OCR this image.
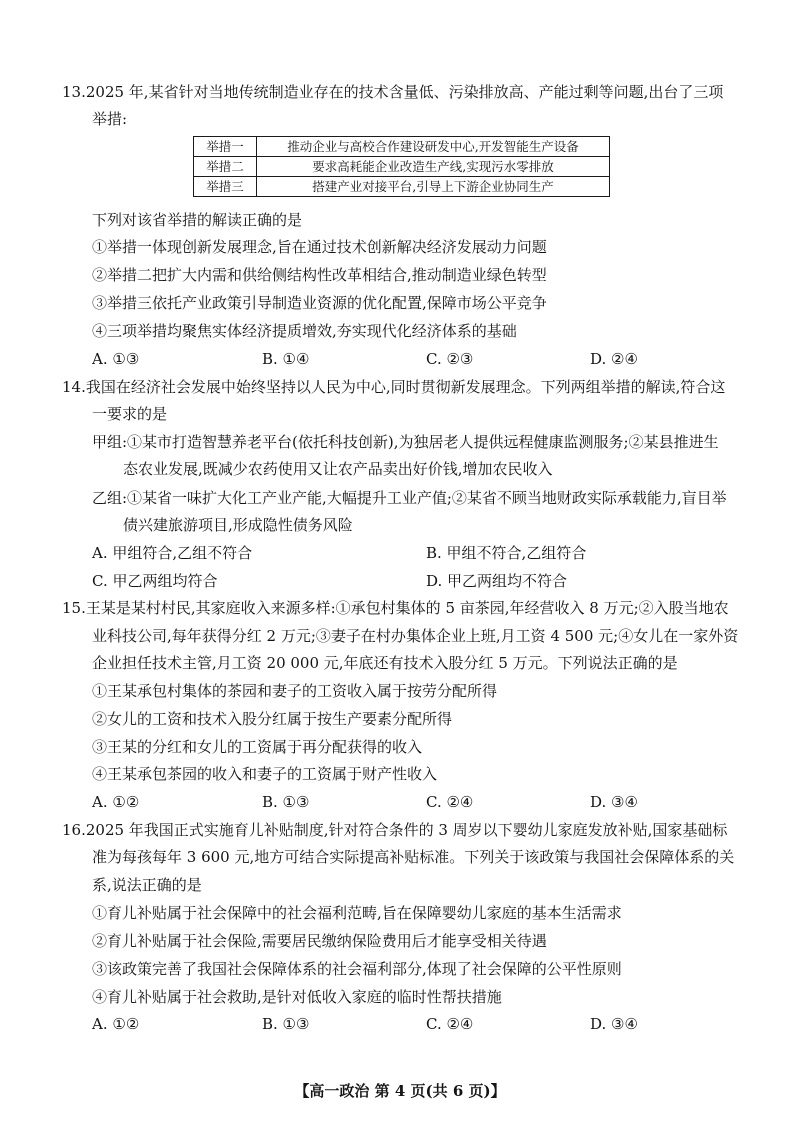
13.2025 年,某省针对当地传统制造业存在的技术含量低、污染排放高、产能过剩等问题,出台了三项
举措:
举措一	推动企业与高校合作建设研发中心,开发智能生产设备
举措二	要求高耗能企业改造生产线,实现污水零排放
举措三	搭建产业对接平台,引导上下游企业协同生产
下列对该省举措的解读正确的是
①举措一体现创新发展理念,旨在通过技术创新解决经济发展动力问题
②举措二把扩大内需和供给侧结构性改革相结合,推动制造业绿色转型
③举措三依托产业政策引导制造业资源的优化配置,保障市场公平竞争
④三项举措均聚焦实体经济提质增效,夯实现代化经济体系的基础
A. ①③	B. ①④	C. ②③	D. ②④
14.我国在经济社会发展中始终坚持以人民为中心,同时贯彻新发展理念。下列两组举措的解读,符合这
一要求的是
甲组:①某市打造智慧养老平台(依托科技创新),为独居老人提供远程健康监测服务;②某县推进生
态农业发展,既减少农药使用又让农产品卖出好价钱,增加农民收入
乙组:①某省一味扩大化工产业产能,大幅提升工业产值;②某省不顾当地财政实际承载能力,盲目举
债兴建旅游项目,形成隐性债务风险
A. 甲组符合,乙组不符合	B. 甲组不符合,乙组符合
C. 甲乙两组均符合	D. 甲乙两组均不符合
15.王某是某村村民,其家庭收入来源多样:①承包村集体的 5 亩茶园,年经营收入 8 万元;②入股当地农
业科技公司,每年获得分红 2 万元;③妻子在村办集体企业上班,月工资 4 500 元;④女儿在一家外资
企业担任技术主管,月工资 20 000 元,年底还有技术入股分红 5 万元。下列说法正确的是
①王某承包村集体的茶园和妻子的工资收入属于按劳分配所得
②女儿的工资和技术入股分红属于按生产要素分配所得
③王某的分红和女儿的工资属于再分配获得的收入
④王某承包茶园的收入和妻子的工资属于财产性收入
A. ①②	B. ①③	C. ②④	D. ③④
16.2025 年我国正式实施育儿补贴制度,针对符合条件的 3 周岁以下婴幼儿家庭发放补贴,国家基础标
准为每孩每年 3 600 元,地方可结合实际提高补贴标准。下列关于该政策与我国社会保障体系的关
系,说法正确的是
①育儿补贴属于社会保障中的社会福利范畴,旨在保障婴幼儿家庭的基本生活需求
②育儿补贴属于社会保险,需要居民缴纳保险费用后才能享受相关待遇
③该政策完善了我国社会保障体系的社会福利部分,体现了社会保障的公平性原则
④育儿补贴属于社会救助,是针对低收入家庭的临时性帮扶措施
A. ①②	B. ①③	C. ②④	D. ③④
【高一政治 第 4 页(共 6 页)】
